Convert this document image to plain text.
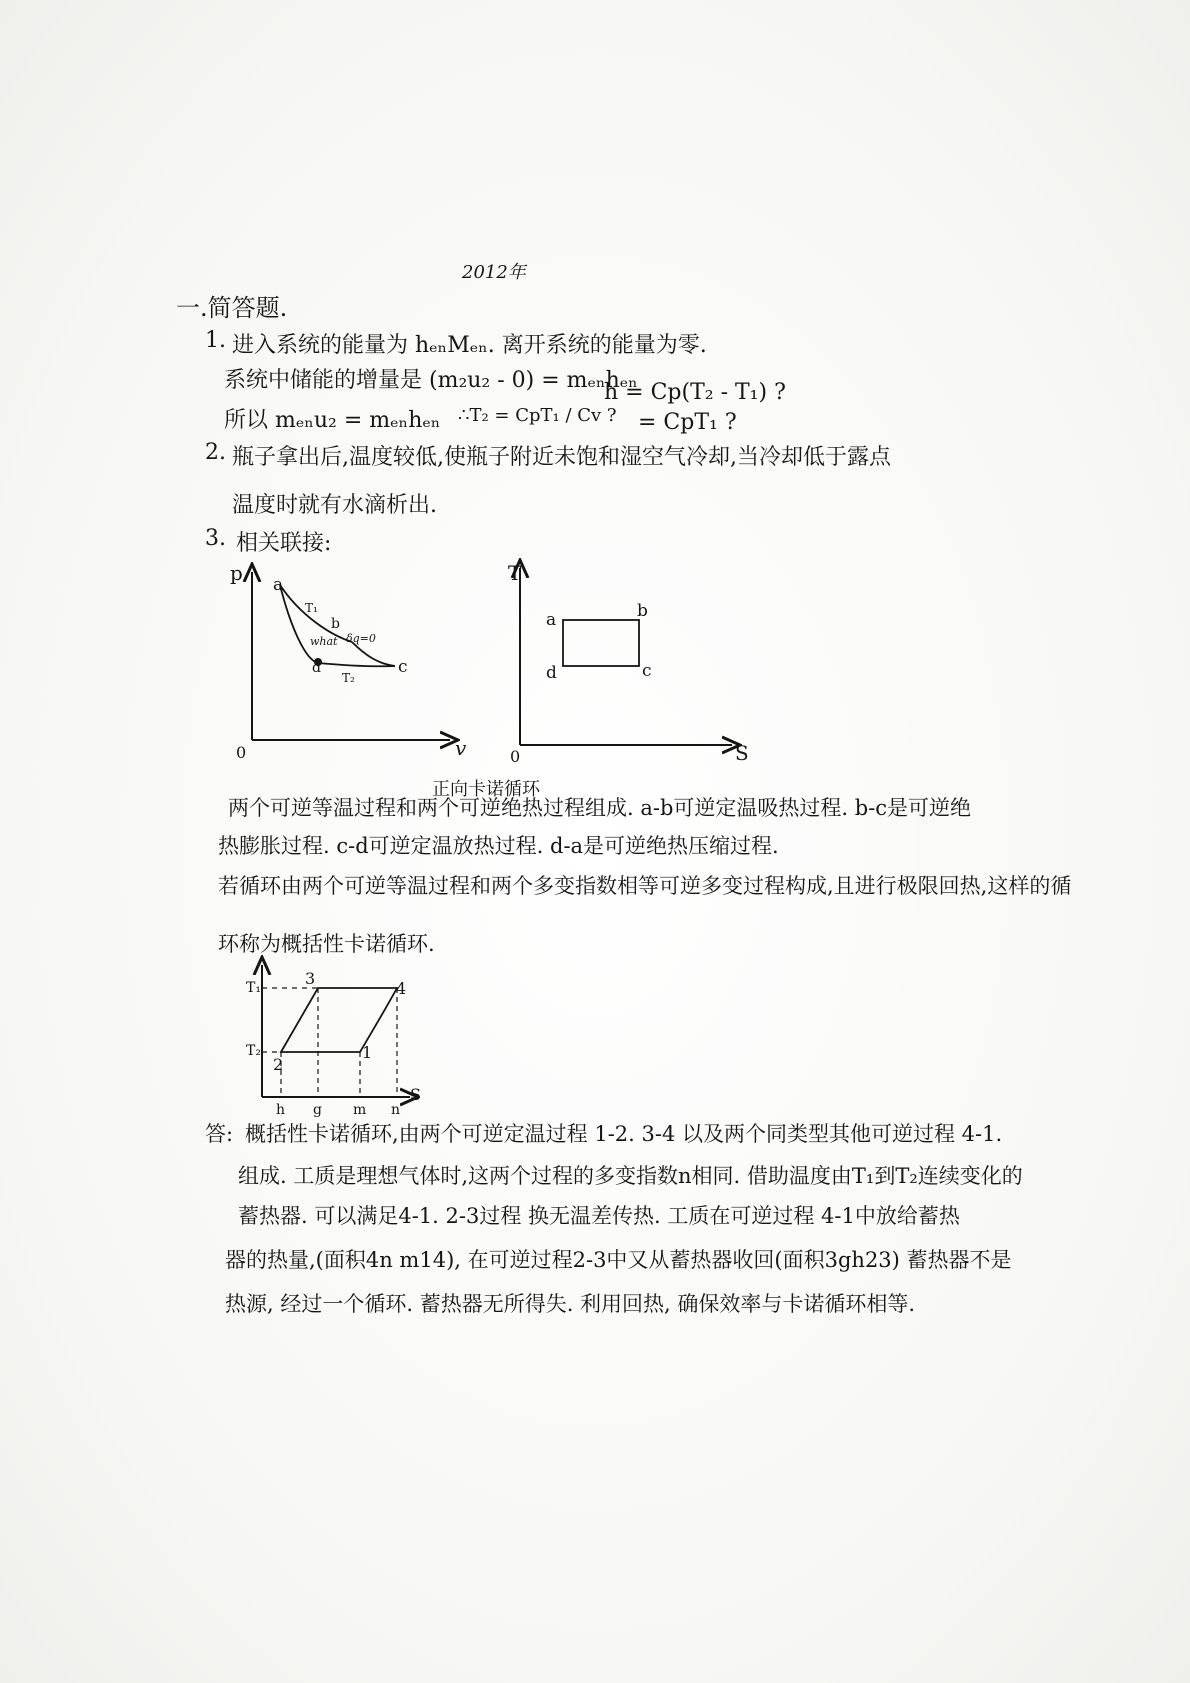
2012年
一.简答题.
1. 进入系统的能量为 hₑₙMₑₙ. 离开系统的能量为零.
系统中储能的增量是 (m₂u₂ - 0) = mₑₙhₑₙ
所以 mₑₙu₂ = mₑₙhₑₙ ∴T₂ = CpT₁ / Cv ?
h = Cp(T₂ - T₁) ?
= CpT₁ ?
2. 瓶子拿出后,温度较低,使瓶子附近未饱和湿空气冷却,当冷却低于露点
温度时就有水滴析出.
3. 相关联接:
p
v
0
a
b
c
d
T₁
T₂
δq=0
what
T
S
0
a	b
c
d
T₁
T₂
2
3
4
1
S
h g m n
正向卡诺循环
两个可逆等温过程和两个可逆绝热过程组成. a-b可逆定温吸热过程. b-c是可逆绝
热膨胀过程. c-d可逆定温放热过程. d-a是可逆绝热压缩过程.
若循环由两个可逆等温过程和两个多变指数相等可逆多变过程构成,且进行极限回热,这样的循
环称为概括性卡诺循环.
答: 概括性卡诺循环,由两个可逆定温过程 1-2. 3-4 以及两个同类型其他可逆过程 4-1.
组成. 工质是理想气体时,这两个过程的多变指数n相同. 借助温度由T₁到T₂连续变化的
蓄热器. 可以满足4-1. 2-3过程 换无温差传热. 工质在可逆过程 4-1中放给蓄热
器的热量,(面积4n m14), 在可逆过程2-3中又从蓄热器收回(面积3gh23) 蓄热器不是
热源, 经过一个循环. 蓄热器无所得失. 利用回热, 确保效率与卡诺循环相等.
